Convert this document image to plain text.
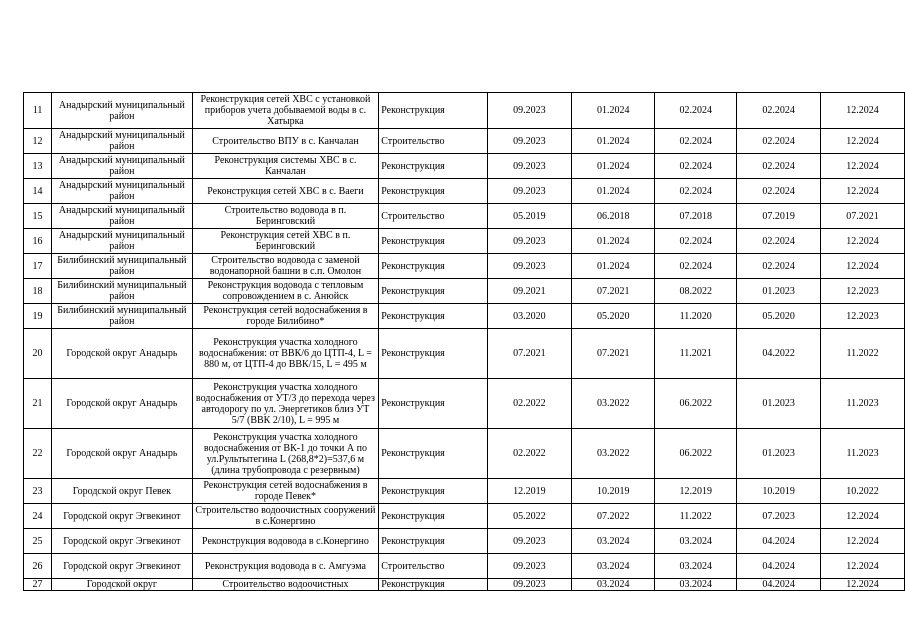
11	Анадырский муниципальный район	Реконструкция сетей ХВС с установкой приборов учета добываемой воды в с. Хатырка	Реконструкция	09.2023	01.2024	02.2024	02.2024	12.2024
12	Анадырский муниципальный район	Строительство ВПУ в с. Канчалан	Строительство	09.2023	01.2024	02.2024	02.2024	12.2024
13	Анадырский муниципальный район	Реконструкция системы ХВС в с. Канчалан	Реконструкция	09.2023	01.2024	02.2024	02.2024	12.2024
14	Анадырский муниципальный район	Реконструкция сетей ХВС в с. Ваеги	Реконструкция	09.2023	01.2024	02.2024	02.2024	12.2024
15	Анадырский муниципальный район	Строительство водовода в п. Беринговский	Строительство	05.2019	06.2018	07.2018	07.2019	07.2021
16	Анадырский муниципальный район	Реконструкция сетей ХВС в п. Беринговский	Реконструкция	09.2023	01.2024	02.2024	02.2024	12.2024
17	Билибинский муниципальный район	Строительство водовода с заменой водонапорной башни в с.п. Омолон	Реконструкция	09.2023	01.2024	02.2024	02.2024	12.2024
18	Билибинский муниципальный район	Реконструкция водовода с тепловым сопровождением в с. Анюйск	Реконструкция	09.2021	07.2021	08.2022	01.2023	12.2023
19	Билибинский муниципальный район	Реконструкция сетей водоснабжения в городе Билибино*	Реконструкция	03.2020	05.2020	11.2020	05.2020	12.2023
20	Городской округ Анадырь	Реконструкция участка холодного водоснабжения: от ВВК/6 до ЦТП-4, L = 880 м, от ЦТП-4 до ВВК/15, L = 495 м	Реконструкция	07.2021	07.2021	11.2021	04.2022	11.2022
21	Городской округ Анадырь	Реконструкция участка холодного водоснабжения от УТ/3 до перехода через автодорогу по ул. Энергетиков близ УТ 5/7 (ВВК 2/10), L = 995 м	Реконструкция	02.2022	03.2022	06.2022	01.2023	11.2023
22	Городской округ Анадырь	Реконструкция участка холодного водоснабжения от ВК-1 до точки А по ул.Рультытегина L (268,8*2)=537,6 м (длина трубопровода с резервным)	Реконструкция	02.2022	03.2022	06.2022	01.2023	11.2023
23	Городской округ Певек	Реконструкция сетей водоснабжения в городе Певек*	Реконструкция	12.2019	10.2019	12.2019	10.2019	10.2022
24	Городской округ Эгвекинот	Строительство водоочистных сооружений в с.Конергино	Реконструкция	05.2022	07.2022	11.2022	07.2023	12.2024
25	Городской округ Эгвекинот	Реконструкция водовода в с.Конергино	Реконструкция	09.2023	03.2024	03.2024	04.2024	12.2024
26	Городской округ Эгвекинот	Реконструкция водовода в с. Амгуэма	Строительство	09.2023	03.2024	03.2024	04.2024	12.2024
27	Городской округ	Строительство водоочистных	Реконструкция	09.2023	03.2024	03.2024	04.2024	12.2024
